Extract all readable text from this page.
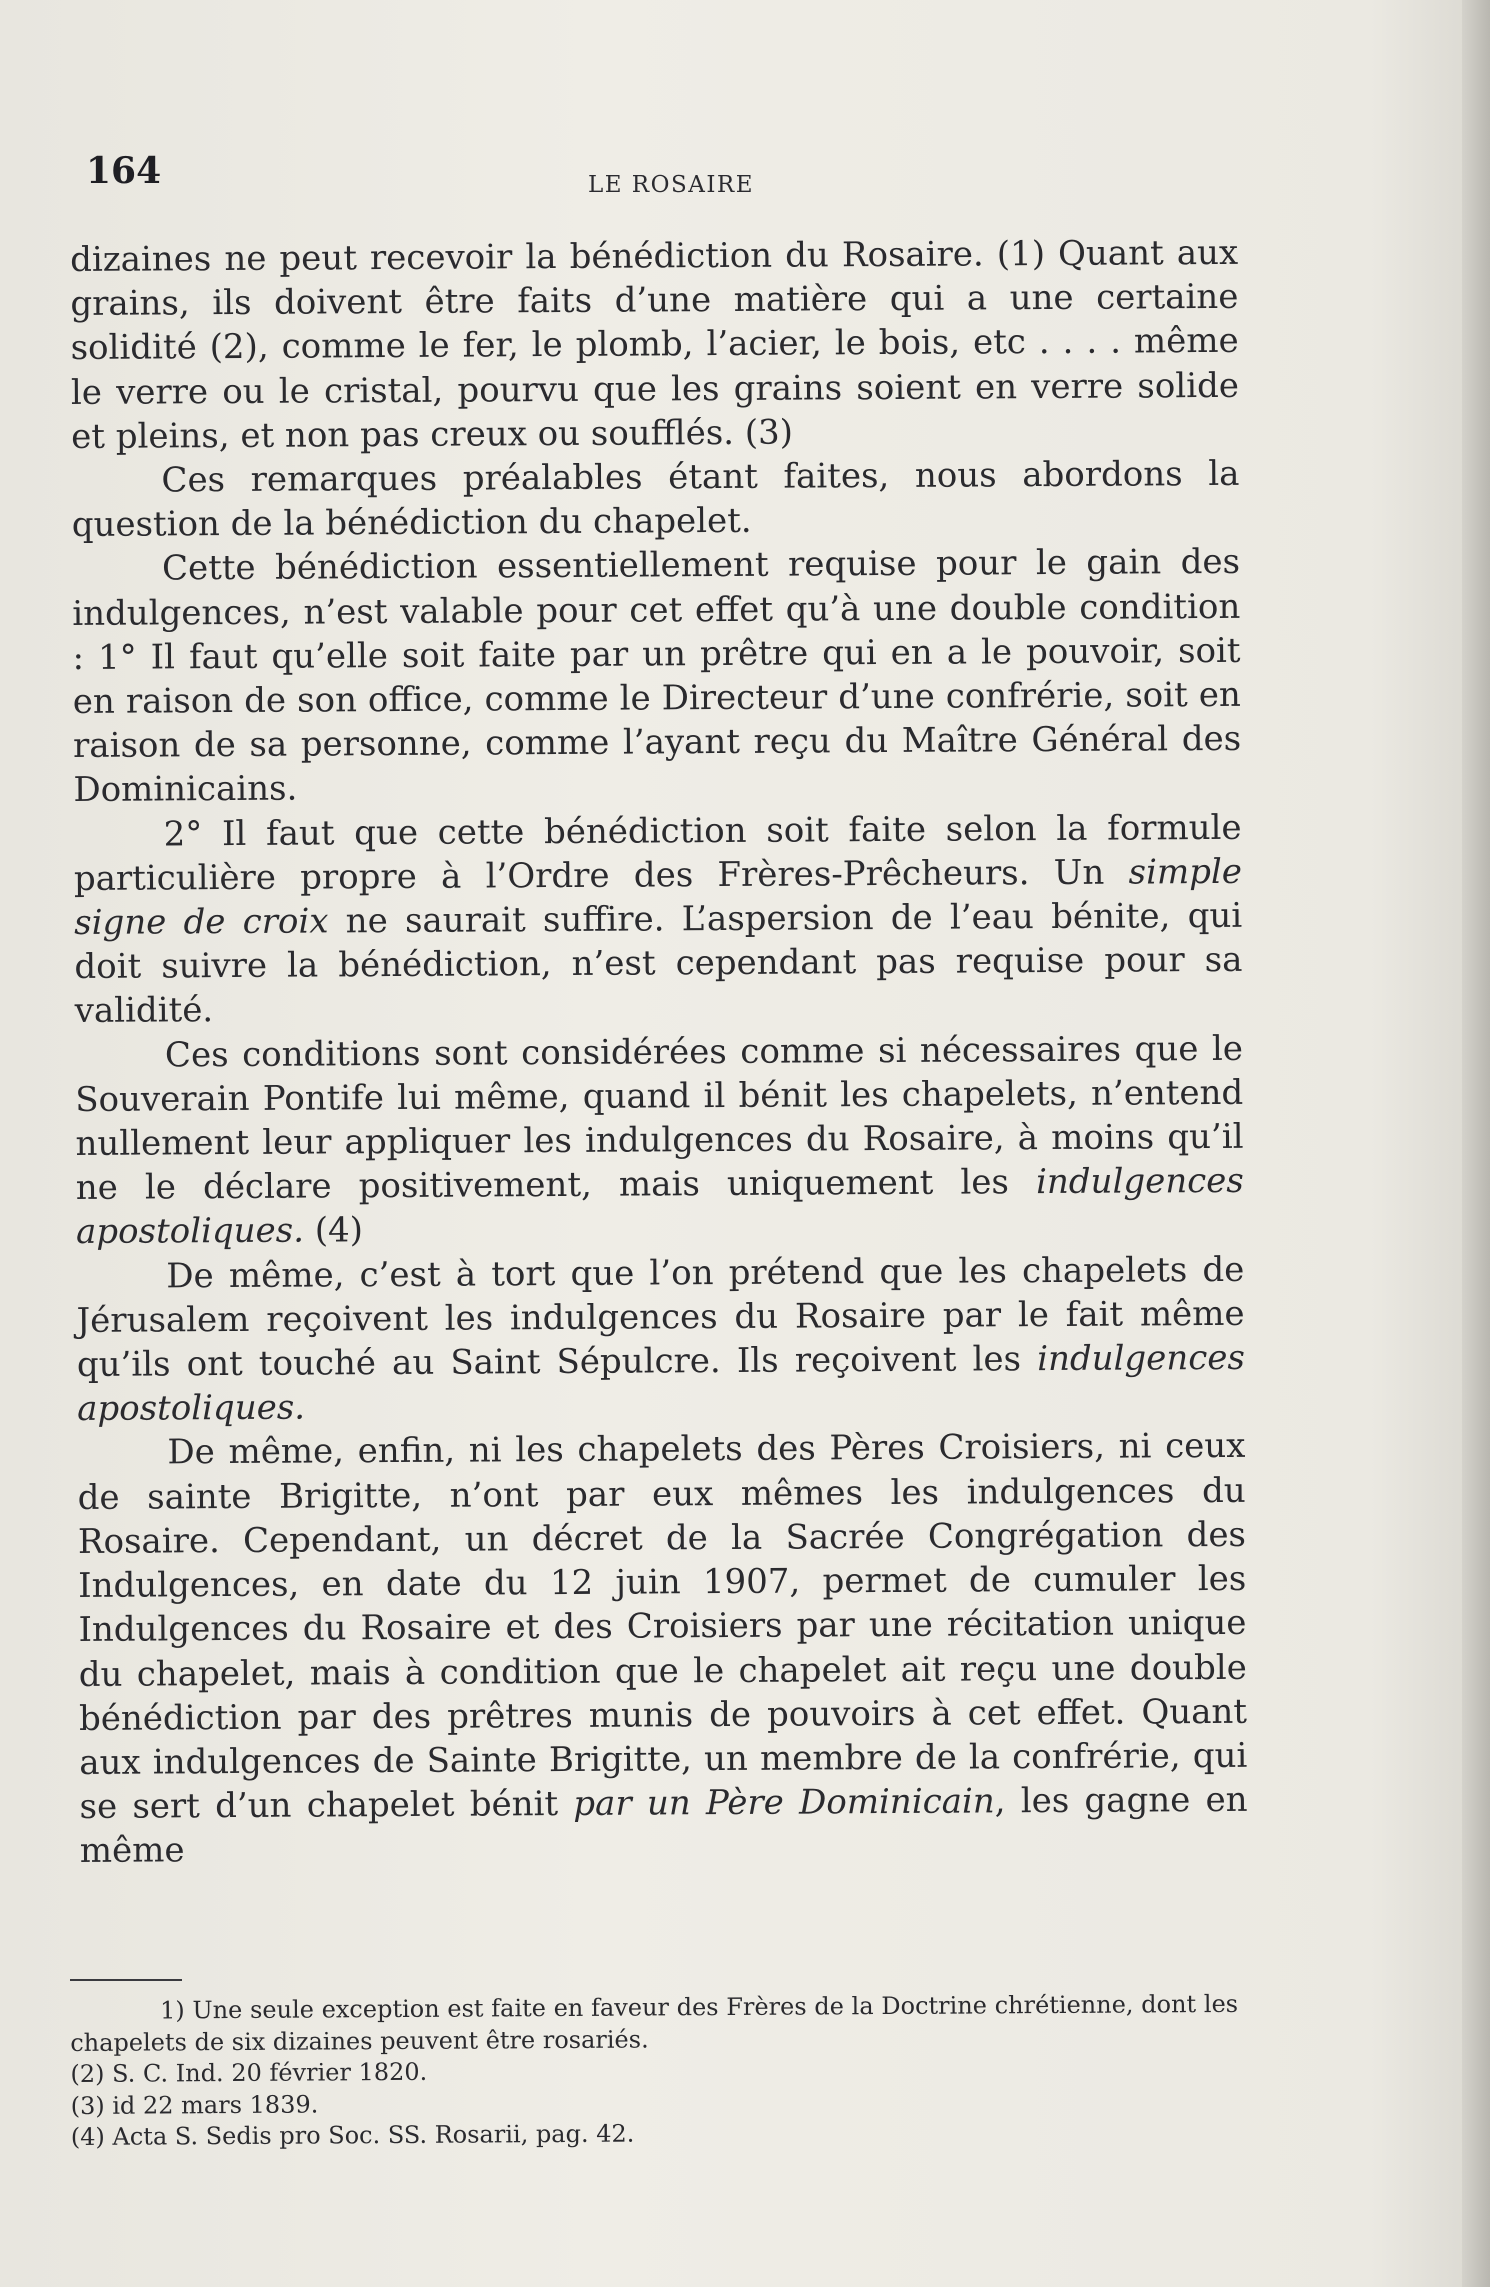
164	LE ROSAIRE

dizaines ne peut recevoir la bénédiction du Rosaire. (1) Quant aux grains, ils doivent être faits d’une matière qui a une certaine solidité (2), comme le fer, le plomb, l’acier, le bois, etc . . . . même le verre ou le cristal, pourvu que les grains soient en verre solide et pleins, et non pas creux ou soufflés. (3)

Ces remarques préalables étant faites, nous abordons la question de la bénédiction du chapelet.

Cette bénédiction essentiellement requise pour le gain des indulgences, n’est valable pour cet effet qu’à une double condition : 1° Il faut qu’elle soit faite par un prêtre qui en a le pouvoir, soit en raison de son office, comme le Directeur d’une confrérie, soit en raison de sa personne, comme l’ayant reçu du Maître Général des Dominicains.

2° Il faut que cette bénédiction soit faite selon la formule particulière propre à l’Ordre des Frères-Prêcheurs. Un simple signe de croix ne saurait suffire. L’aspersion de l’eau bénite, qui doit suivre la bénédiction, n’est cependant pas requise pour sa validité.

Ces conditions sont considérées comme si nécessaires que le Souverain Pontife lui même, quand il bénit les chapelets, n’entend nullement leur appliquer les indulgences du Rosaire, à moins qu’il ne le déclare positivement, mais uniquement les indulgences apostoliques. (4)

De même, c’est à tort que l’on prétend que les chapelets de Jérusalem reçoivent les indulgences du Rosaire par le fait même qu’ils ont touché au Saint Sépulcre. Ils reçoivent les indulgences apostoliques.

De même, enfin, ni les chapelets des Pères Croisiers, ni ceux de sainte Brigitte, n’ont par eux mêmes les indulgences du Rosaire. Cependant, un décret de la Sacrée Congrégation des Indulgences, en date du 12 juin 1907, permet de cumuler les Indulgences du Rosaire et des Croisiers par une récitation unique du chapelet, mais à condition que le chapelet ait reçu une double bénédiction par des prêtres munis de pouvoirs à cet effet. Quant aux indulgences de Sainte Brigitte, un membre de la confrérie, qui se sert d’un chapelet bénit par un Père Dominicain, les gagne en même

1) Une seule exception est faite en faveur des Frères de la Doctrine chrétienne, dont les chapelets de six dizaines peuvent être rosariés.

(2) S. C. Ind. 20 février 1820.

(3) id 22 mars 1839.

(4) Acta S. Sedis pro Soc. SS. Rosarii, pag. 42.
